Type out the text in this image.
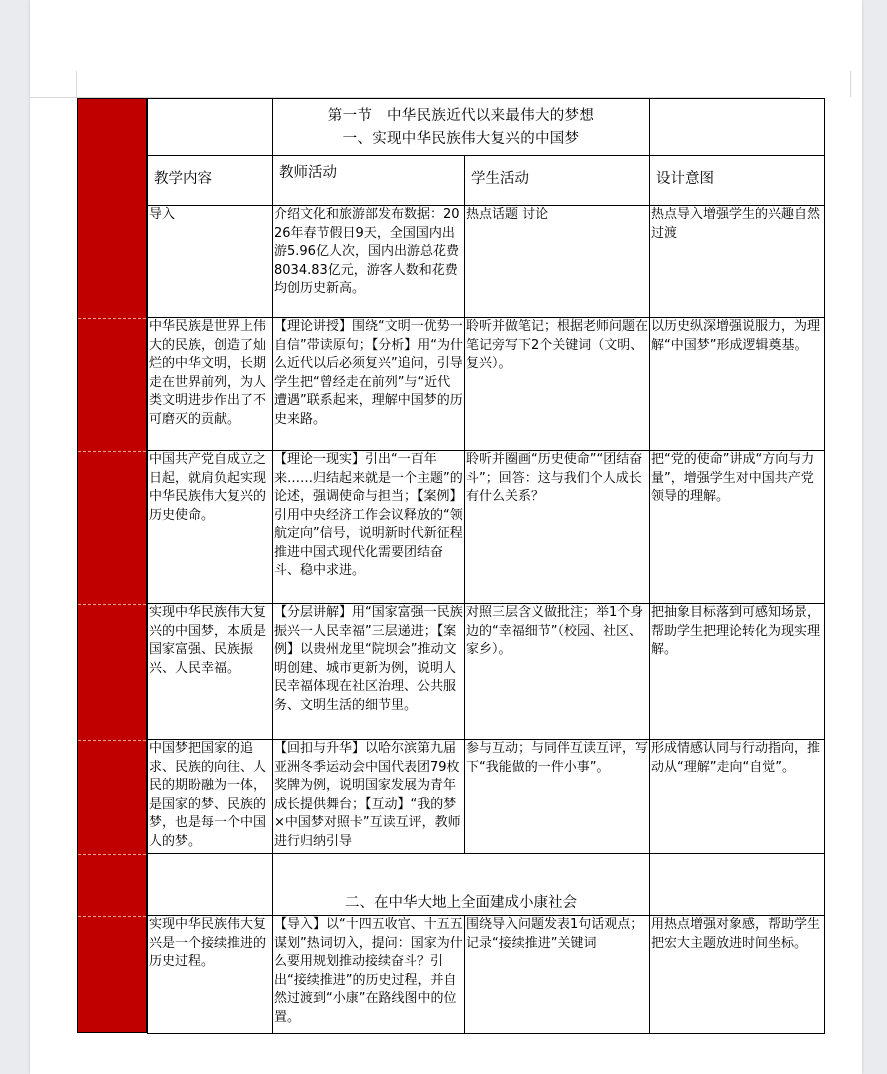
	第一节　中华民族近代以来最伟大的梦想
一、实现中华民族伟大复兴的中国梦		

教学内容	教师活动	学生活动	设计意图
导入	介绍文化和旅游部发布数据：2026年春节假日9天，全国国内出游5.96亿人次，国内出游总花费8034.83亿元，游客人数和花费均创历史新高。	热点话题 讨论	热点导入增强学生的兴趣自然过渡
中华民族是世界上伟大的民族，创造了灿烂的中华文明，长期走在世界前列，为人类文明进步作出了不可磨灭的贡献。	【理论讲授】围绕“文明一优势一自信”带读原句；【分析】用“为什么近代以后必须复兴”追问，引导学生把“曾经走在前列”与“近代遭遇”联系起来，理解中国梦的历史来路。	聆听并做笔记；根据老师问题在笔记旁写下2个关键词（文明、复兴）。	以历史纵深增强说服力，为理解“中国梦”形成逻辑奠基。
中国共产党自成立之日起，就肩负起实现中华民族伟大复兴的历史使命。	【理论一现实】引出“一百年来……归结起来就是一个主题”的论述，强调使命与担当；【案例】引用中央经济工作会议释放的“领航定向”信号，说明新时代新征程推进中国式现代化需要团结奋斗、稳中求进。	聆听并圈画“历史使命”“团结奋斗”；回答：这与我们个人成长有什么关系？	把“党的使命”讲成“方向与力量”，增强学生对中国共产党领导的理解。
实现中华民族伟大复兴的中国梦，本质是国家富强、民族振兴、人民幸福。	【分层讲解】用“国家富强一民族振兴一人民幸福”三层递进；【案例】以贵州龙里“院坝会”推动文明创建、城市更新为例，说明人民幸福体现在社区治理、公共服务、文明生活的细节里。	对照三层含义做批注；举1个身边的“幸福细节”（校园、社区、家乡）。	把抽象目标落到可感知场景，帮助学生把理论转化为现实理解。
中国梦把国家的追求、民族的向往、人民的期盼融为一体，是国家的梦、民族的梦，也是每一个中国人的梦。	【回扣与升华】以哈尔滨第九届亚洲冬季运动会中国代表团79枚奖牌为例，说明国家发展为青年成长提供舞台；【互动】“我的梦×中国梦对照卡”互读互评，教师进行归纳引导	参与互动；与同伴互读互评，写下“我能做的一件小事”。	形成情感认同与行动指向，推动从“理解”走向“自觉”。
	二、在中华大地上全面建成小康社会		
实现中华民族伟大复兴是一个接续推进的历史过程。	【导入】以“十四五收官、十五五谋划”热词切入，提问：国家为什么要用规划推动接续奋斗？引出“接续推进”的历史过程，并自然过渡到“小康”在路线图中的位置。	围绕导入问题发表1句话观点；记录“接续推进”关键词	用热点增强对象感，帮助学生把宏大主题放进时间坐标。
